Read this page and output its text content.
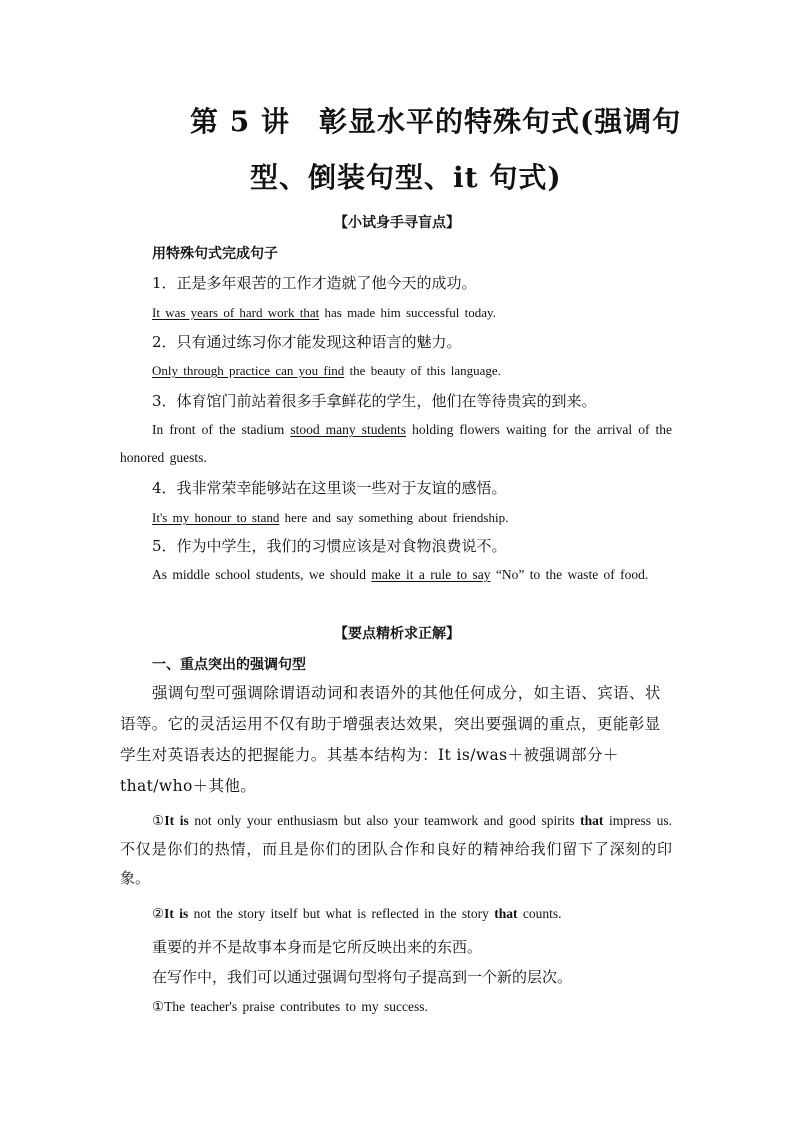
第 5 讲　彰显水平的特殊句式(强调句
型、倒装句型、it 句式)
【小试身手寻盲点】
用特殊句式完成句子
1．正是多年艰苦的工作才造就了他今天的成功。
It was years of hard work that has made him successful today.
2．只有通过练习你才能发现这种语言的魅力。
Only through practice can you find the beauty of this language.
3．体育馆门前站着很多手拿鲜花的学生，他们在等待贵宾的到来。
In front of the stadium stood many students holding flowers waiting for the arrival of the honored guests.
4．我非常荣幸能够站在这里谈一些对于友谊的感悟。
It's my honour to stand here and say something about friendship.
5．作为中学生，我们的习惯应该是对食物浪费说不。
As middle school students, we should make it a rule to say “No” to the waste of food.
【要点精析求正解】
一、重点突出的强调句型
强调句型可强调除谓语动词和表语外的其他任何成分，如主语、宾语、状语等。它的灵活运用不仅有助于增强表达效果，突出要强调的重点，更能彰显学生对英语表达的把握能力。其基本结构为：It is/was＋被强调部分＋that/who＋其他。
①It is not only your enthusiasm but also your teamwork and good spirits that impress us. 不仅是你们的热情，而且是你们的团队合作和良好的精神给我们留下了深刻的印象。
②It is not the story itself but what is reflected in the story that counts.
重要的并不是故事本身而是它所反映出来的东西。
在写作中，我们可以通过强调句型将句子提高到一个新的层次。
①The teacher's praise contributes to my success.
